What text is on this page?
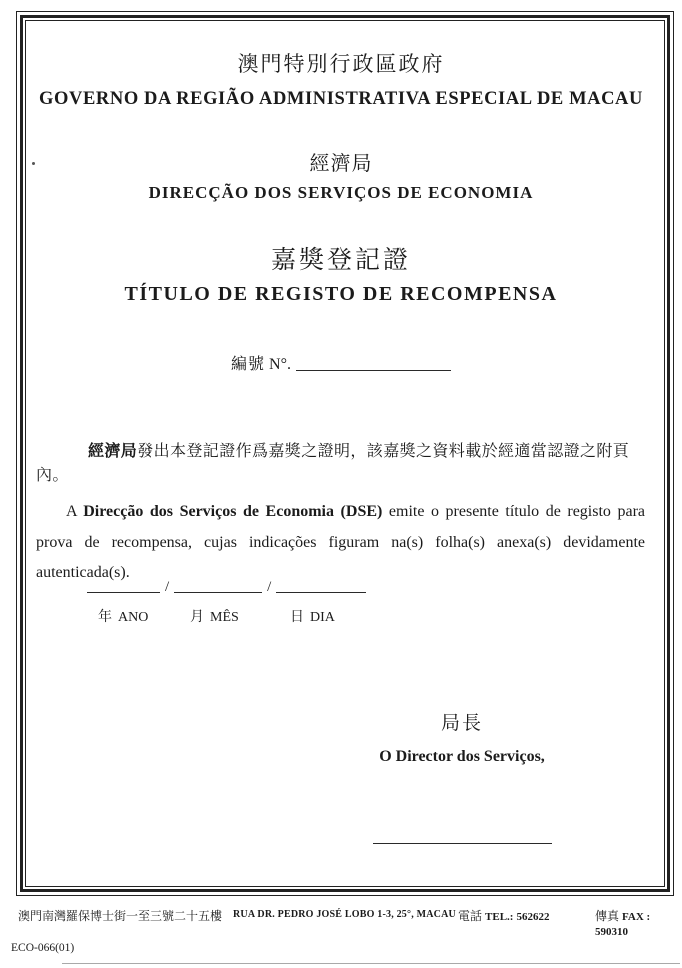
澳門特別行政區政府
GOVERNO DA REGIÃO ADMINISTRATIVA ESPECIAL DE MACAU
經濟局
DIRECÇÃO DOS SERVIÇOS DE ECONOMIA
嘉獎登記證
TÍTULO DE REGISTO DE RECOMPENSA
編號 N°.

經濟局發出本登記證作爲嘉獎之證明，該嘉獎之資料載於經適當認證之附頁內。

A Direcção dos Serviços de Economia (DSE) emite o presente título de registo para prova de recompensa, cujas indicações figuram na(s) folha(s) anexa(s) devidamente autenticada(s).

/	/
年 ANO	月 MÊS	日 DIA
局長
O Director dos Serviços,
澳門南灣羅保博士街一至三號二十五樓 RUA DR. PEDRO JOSÉ LOBO 1-3, 25°, MACAU 電話 TEL.: 562622	傳真 FAX : 590310
ECO-066(01)
